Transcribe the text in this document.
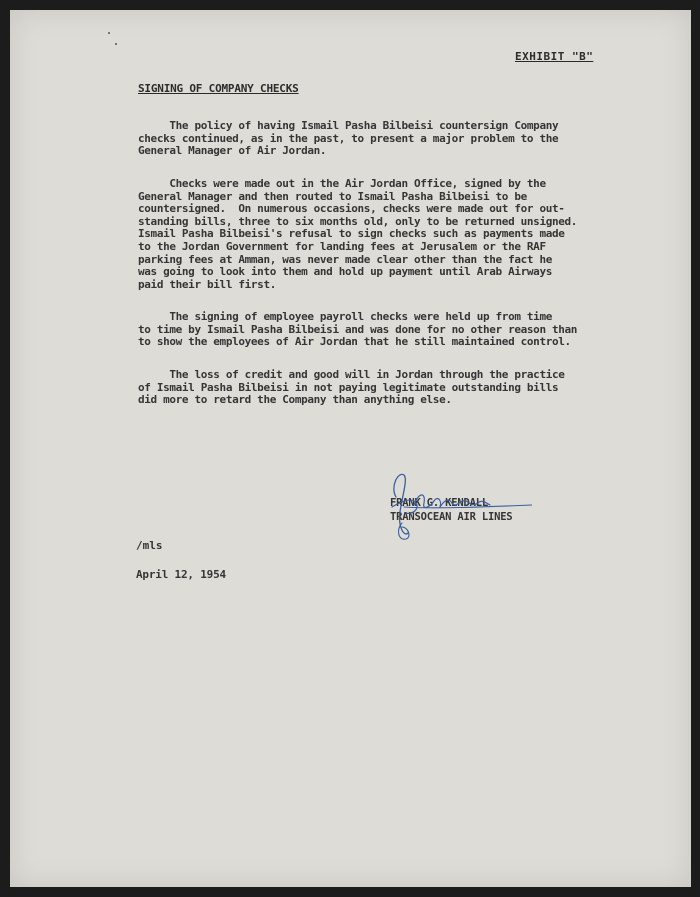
EXHIBIT "B"
SIGNING OF COMPANY CHECKS
The policy of having Ismail Pasha Bilbeisi countersign Company
checks continued, as in the past, to present a major problem to the
General Manager of Air Jordan.
Checks were made out in the Air Jordan Office, signed by the
General Manager and then routed to Ismail Pasha Bilbeisi to be
countersigned.  On numerous occasions, checks were made out for out-
standing bills, three to six months old, only to be returned unsigned.
Ismail Pasha Bilbeisi's refusal to sign checks such as payments made
to the Jordan Government for landing fees at Jerusalem or the RAF
parking fees at Amman, was never made clear other than the fact he
was going to look into them and hold up payment until Arab Airways
paid their bill first.
The signing of employee payroll checks were held up from time
to time by Ismail Pasha Bilbeisi and was done for no other reason than
to show the employees of Air Jordan that he still maintained control.
The loss of credit and good will in Jordan through the practice
of Ismail Pasha Bilbeisi in not paying legitimate outstanding bills
did more to retard the Company than anything else.
FRANK G. KENDALL
TRANSOCEAN AIR LINES
/mls
April 12, 1954
